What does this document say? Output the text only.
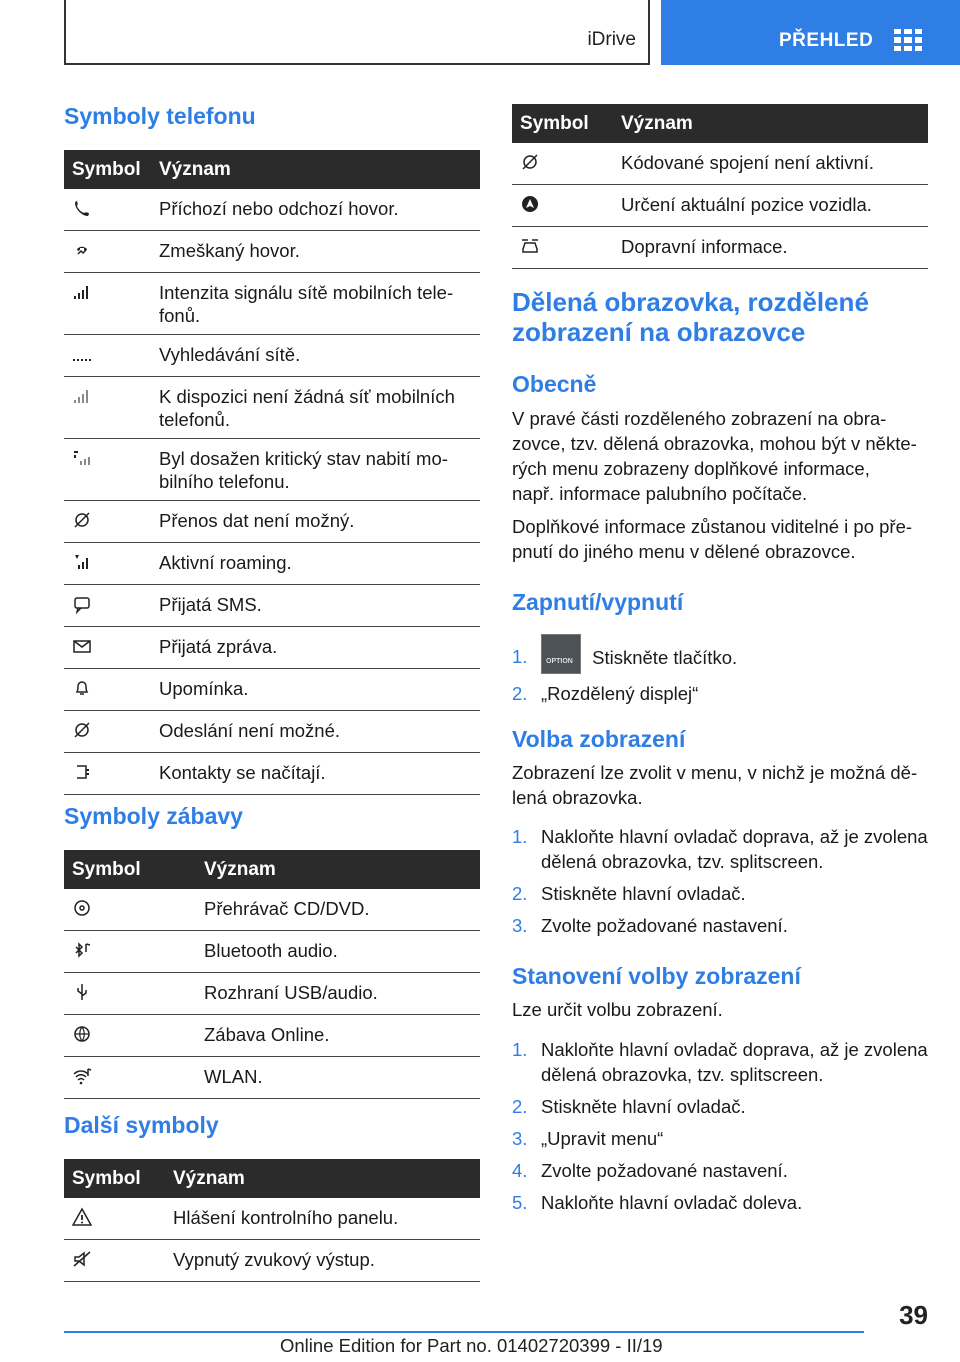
iDrive	PŘEHLED
Symboly telefonu
Symbol	Význam

	Příchozí nebo odchozí hovor.

	Zmeškaný hovor.

	Intenzita signálu sítě mobilních tele-fonů.

	Vyhledávání sítě.

	K dispozici není žádná síť mobilních telefonů.

	Byl dosažen kritický stav nabití mo-bilního telefonu.

	Přenos dat není možný.

	Aktivní roaming.

	Přijatá SMS.

	Přijatá zpráva.

	Upomínka.

	Odeslání není možné.

	Kontakty se načítají.
Symboly zábavy
Symbol	Význam

	Přehrávač CD/DVD.

	Bluetooth audio.

	Rozhraní USB/audio.

	Zábava Online.

	WLAN.
Další symboly
Symbol	Význam

	Hlášení kontrolního panelu.

	Vypnutý zvukový výstup.
Symbol	Význam

	Kódované spojení není aktivní.

	Určení aktuální pozice vozidla.

	Dopravní informace.
Dělená obrazovka, rozdělené
zobrazení na obrazovce
Obecně
V pravé části rozděleného zobrazení na obra-
zovce, tzv. dělená obrazovka, mohou být v někte-
rých menu zobrazeny doplňkové informace,
např. informace palubního počítače.
Doplňkové informace zůstanou viditelné i po pře-
pnutí do jiného menu v dělené obrazovce.
Zapnutí/vypnutí
1.	OPTION Stiskněte tlačítko.
2. „Rozdělený displej“
Volba zobrazení
Zobrazení lze zvolit v menu, v nichž je možná dě-
lená obrazovka.
1. Nakloňte hlavní ovladač doprava, až je zvolena
dělená obrazovka, tzv. splitscreen.
2. Stiskněte hlavní ovladač.
3. Zvolte požadované nastavení.
Stanovení volby zobrazení
Lze určit volbu zobrazení.
1. Nakloňte hlavní ovladač doprava, až je zvolena
dělená obrazovka, tzv. splitscreen.
2. Stiskněte hlavní ovladač.
3. „Upravit menu“
4. Zvolte požadované nastavení.
5. Nakloňte hlavní ovladač doleva.
39
Online Edition for Part no. 01402720399 - II/19
